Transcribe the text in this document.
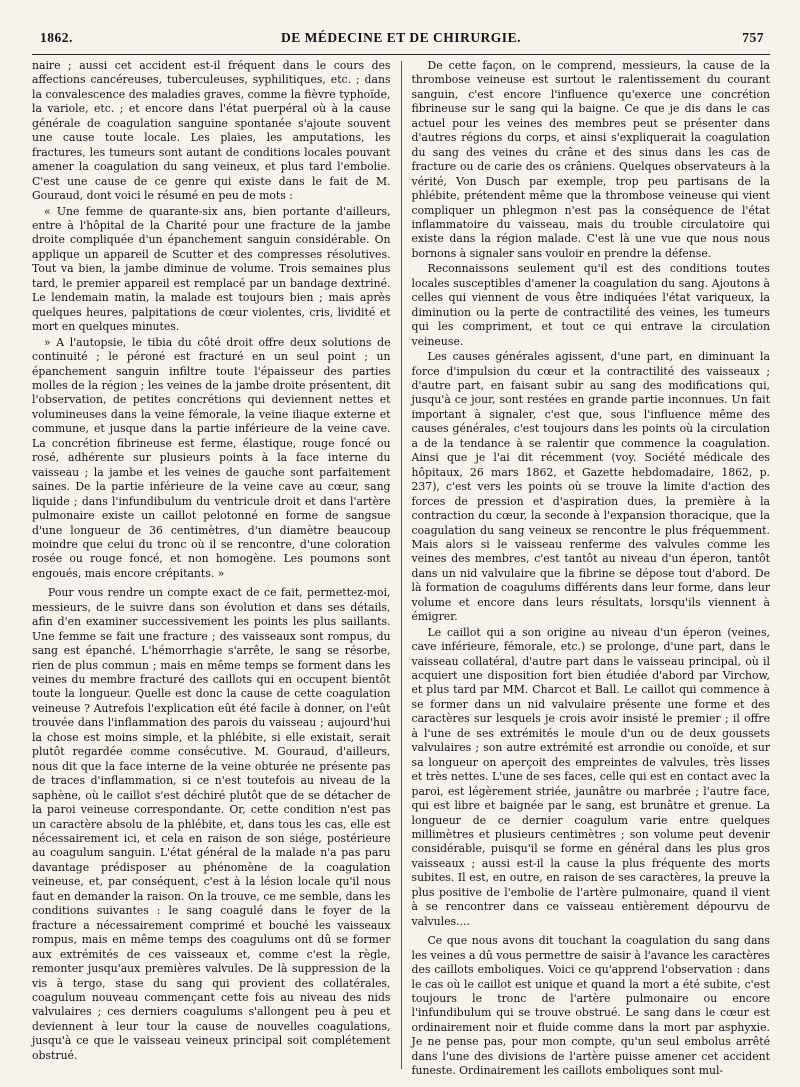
1862.	DE MÉDECINE ET DE CHIRURGIE.	757

naire ; aussi cet accident est-il fréquent dans le cours des affections cancéreuses, tuberculeuses, syphilitiques, etc. ; dans la convalescence des maladies graves, comme la fièvre typhoïde, la variole, etc. ; et encore dans l'état puerpéral où à la cause générale de coagulation sanguine spontanée s'ajoute souvent une cause toute locale. Les plaies, les amputations, les fractures, les tumeurs sont autant de conditions locales pouvant amener la coagulation du sang veineux, et plus tard l'embolie. C'est une cause de ce genre qui existe dans le fait de M. Gouraud, dont voici le résumé en peu de mots :

« Une femme de quarante-six ans, bien portante d'ailleurs, entre à l'hôpital de la Charité pour une fracture de la jambe droite compliquée d'un épanchement sanguin considérable. On applique un appareil de Scutter et des compresses résolutives. Tout va bien, la jambe diminue de volume. Trois semaines plus tard, le premier appareil est remplacé par un bandage dextriné. Le lendemain matin, la malade est toujours bien ; mais après quelques heures, palpitations de cœur violentes, cris, lividité et mort en quelques minutes.

» A l'autopsie, le tibia du côté droit offre deux solutions de continuité ; le péroné est fracturé en un seul point ; un épanchement sanguin infiltre toute l'épaisseur des parties molles de la région ; les veines de la jambe droite présentent, dit l'observation, de petites concrétions qui deviennent nettes et volumineuses dans la veine fémorale, la veine iliaque externe et commune, et jusque dans la partie inférieure de la veine cave. La concrétion fibrineuse est ferme, élastique, rouge foncé ou rosé, adhérente sur plusieurs points à la face interne du vaisseau ; la jambe et les veines de gauche sont parfaitement saines. De la partie inférieure de la veine cave au cœur, sang liquide ; dans l'infundibulum du ventricule droit et dans l'artère pulmonaire existe un caillot pelotonné en forme de sangsue d'une longueur de 36 centimètres, d'un diamètre beaucoup moindre que celui du tronc où il se rencontre, d'une coloration rosée ou rouge foncé, et non homogène. Les poumons sont engoués, mais encore crépitants. »

Pour vous rendre un compte exact de ce fait, permettez-moi, messieurs, de le suivre dans son évolution et dans ses détails, afin d'en examiner successivement les points les plus saillants. Une femme se fait une fracture ; des vaisseaux sont rompus, du sang est épanché. L'hémorrhagie s'arrête, le sang se résorbe, rien de plus commun ; mais en même temps se forment dans les veines du membre fracturé des caillots qui en occupent bientôt toute la longueur. Quelle est donc la cause de cette coagulation veineuse ? Autrefois l'explication eût été facile à donner, on l'eût trouvée dans l'inflammation des parois du vaisseau ; aujourd'hui la chose est moins simple, et la phlébite, si elle existait, serait plutôt regardée comme consécutive. M. Gouraud, d'ailleurs, nous dit que la face interne de la veine obturée ne présente pas de traces d'inflammation, si ce n'est toutefois au niveau de la saphène, où le caillot s'est déchiré plutôt que de se détacher de la paroi veineuse correspondante. Or, cette condition n'est pas un caractère absolu de la phlébite, et, dans tous les cas, elle est nécessairement ici, et cela en raison de son siége, postérieure au coagulum sanguin. L'état général de la malade n'a pas paru davantage prédisposer au phénomène de la coagulation veineuse, et, par conséquent, c'est à la lésion locale qu'il nous faut en demander la raison. On la trouve, ce me semble, dans les conditions suivantes : le sang coagulé dans le foyer de la fracture a nécessairement comprimé et bouché les vaisseaux rompus, mais en même temps des coagulums ont dû se former aux extrémités de ces vaisseaux et, comme c'est la règle, remonter jusqu'aux premières valvules. De là suppression de la vis à tergo, stase du sang qui provient des collatérales, coagulum nouveau commençant cette fois au niveau des nids valvulaires ; ces derniers coagulums s'allongent peu à peu et deviennent à leur tour la cause de nouvelles coagulations, jusqu'à ce que le vaisseau veineux principal soit complétement obstrué.

De cette façon, on le comprend, messieurs, la cause de la thrombose veineuse est surtout le ralentissement du courant sanguin, c'est encore l'influence qu'exerce une concrétion fibrineuse sur le sang qui la baigne. Ce que je dis dans le cas actuel pour les veines des membres peut se présenter dans d'autres régions du corps, et ainsi s'expliquerait la coagulation du sang des veines du crâne et des sinus dans les cas de fracture ou de carie des os crâniens. Quelques observateurs à la vérité, Von Dusch par exemple, trop peu partisans de la phlébite, prétendent même que la thrombose veineuse qui vient compliquer un phlegmon n'est pas la conséquence de l'état inflammatoire du vaisseau, mais du trouble circulatoire qui existe dans la région malade. C'est là une vue que nous nous bornons à signaler sans vouloir en prendre la défense.

Reconnaissons seulement qu'il est des conditions toutes locales susceptibles d'amener la coagulation du sang. Ajoutons à celles qui viennent de vous être indiquées l'état variqueux, la diminution ou la perte de contractilité des veines, les tumeurs qui les compriment, et tout ce qui entrave la circulation veineuse.

Les causes générales agissent, d'une part, en diminuant la force d'impulsion du cœur et la contractilité des vaisseaux ; d'autre part, en faisant subir au sang des modifications qui, jusqu'à ce jour, sont restées en grande partie inconnues. Un fait important à signaler, c'est que, sous l'influence même des causes générales, c'est toujours dans les points où la circulation a de la tendance à se ralentir que commence la coagulation. Ainsi que je l'ai dit récemment (voy. Société médicale des hôpitaux, 26 mars 1862, et Gazette hebdomadaire, 1862, p. 237), c'est vers les points où se trouve la limite d'action des forces de pression et d'aspiration dues, la première à la contraction du cœur, la seconde à l'expansion thoracique, que la coagulation du sang veineux se rencontre le plus fréquemment. Mais alors si le vaisseau renferme des valvules comme les veines des membres, c'est tantôt au niveau d'un éperon, tantôt dans un nid valvulaire que la fibrine se dépose tout d'abord. De là formation de coagulums différents dans leur forme, dans leur volume et encore dans leurs résultats, lorsqu'ils viennent à émigrer.

Le caillot qui a son origine au niveau d'un éperon (veines, cave inférieure, fémorale, etc.) se prolonge, d'une part, dans le vaisseau collatéral, d'autre part dans le vaisseau principal, où il acquiert une disposition fort bien étudiée d'abord par Virchow, et plus tard par MM. Charcot et Ball. Le caillot qui commence à se former dans un nid valvulaire présente une forme et des caractères sur lesquels je crois avoir insisté le premier ; il offre à l'une de ses extrémités le moule d'un ou de deux goussets valvulaires ; son autre extrémité est arrondie ou conoïde, et sur sa longueur on aperçoit des empreintes de valvules, très lisses et très nettes. L'une de ses faces, celle qui est en contact avec la paroi, est légèrement striée, jaunâtre ou marbrée ; l'autre face, qui est libre et baignée par le sang, est brunâtre et grenue. La longueur de ce dernier coagulum varie entre quelques millimètres et plusieurs centimètres ; son volume peut devenir considérable, puisqu'il se forme en général dans les plus gros vaisseaux ; aussi est-il la cause la plus fréquente des morts subites. Il est, en outre, en raison de ses caractères, la preuve la plus positive de l'embolie de l'artère pulmonaire, quand il vient à se rencontrer dans ce vaisseau entièrement dépourvu de valvules....

Ce que nous avons dit touchant la coagulation du sang dans les veines a dû vous permettre de saisir à l'avance les caractères des caillots emboliques. Voici ce qu'apprend l'observation : dans le cas où le caillot est unique et quand la mort a été subite, c'est toujours le tronc de l'artère pulmonaire ou encore l'infundibulum qui se trouve obstrué. Le sang dans le cœur est ordinairement noir et fluide comme dans la mort par asphyxie. Je ne pense pas, pour mon compte, qu'un seul embolus arrêté dans l'une des divisions de l'artère puisse amener cet accident funeste. Ordinairement les caillots emboliques sont mul-
